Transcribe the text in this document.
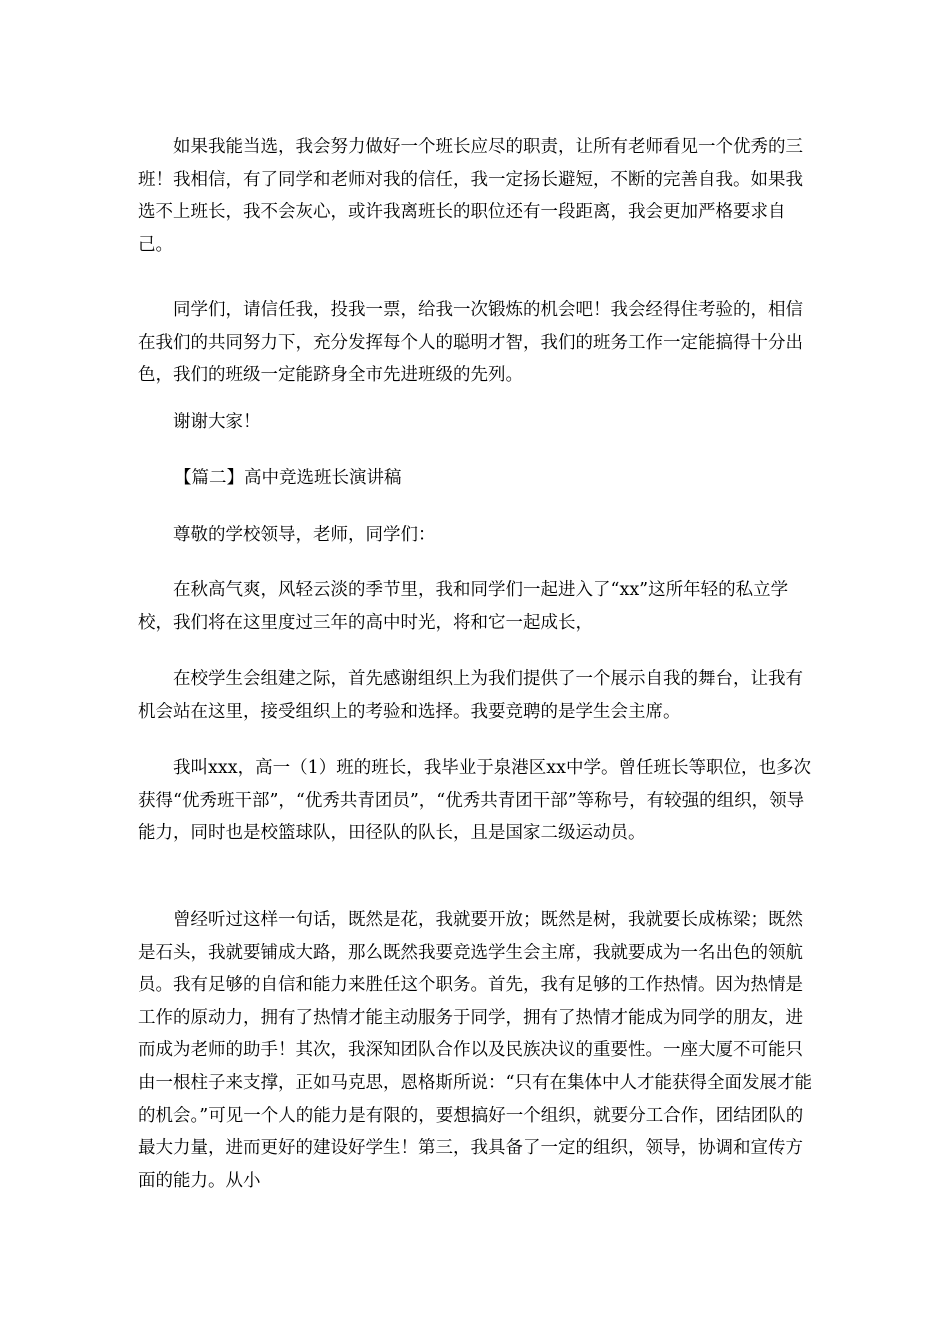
如果我能当选，我会努力做好一个班长应尽的职责，让所有老师看见一个优秀的三班！我相信，有了同学和老师对我的信任，我一定扬长避短，不断的完善自我。如果我选不上班长，我不会灰心，或许我离班长的职位还有一段距离，我会更加严格要求自己。

同学们，请信任我，投我一票，给我一次锻炼的机会吧！我会经得住考验的，相信在我们的共同努力下，充分发挥每个人的聪明才智，我们的班务工作一定能搞得十分出色，我们的班级一定能跻身全市先进班级的先列。

谢谢大家！

【篇二】高中竞选班长演讲稿

尊敬的学校领导，老师，同学们：

在秋高气爽，风轻云淡的季节里，我和同学们一起进入了“xx”这所年轻的私立学校，我们将在这里度过三年的高中时光，将和它一起成长，

在校学生会组建之际，首先感谢组织上为我们提供了一个展示自我的舞台，让我有机会站在这里，接受组织上的考验和选择。我要竞聘的是学生会主席。

我叫xxx，高一（1）班的班长，我毕业于泉港区xx中学。曾任班长等职位，也多次获得“优秀班干部”，“优秀共青团员”，“优秀共青团干部”等称号，有较强的组织，领导能力，同时也是校篮球队，田径队的队长，且是国家二级运动员。

曾经听过这样一句话，既然是花，我就要开放；既然是树，我就要长成栋梁；既然是石头，我就要铺成大路，那么既然我要竞选学生会主席，我就要成为一名出色的领航员。我有足够的自信和能力来胜任这个职务。首先，我有足够的工作热情。因为热情是工作的原动力，拥有了热情才能主动服务于同学，拥有了热情才能成为同学的朋友，进而成为老师的助手！其次，我深知团队合作以及民族决议的重要性。一座大厦不可能只由一根柱子来支撑，正如马克思，恩格斯所说：“只有在集体中人才能获得全面发展才能的机会。”可见一个人的能力是有限的，要想搞好一个组织，就要分工合作，团结团队的最大力量，进而更好的建设好学生！第三，我具备了一定的组织，领导，协调和宣传方面的能力。从小
